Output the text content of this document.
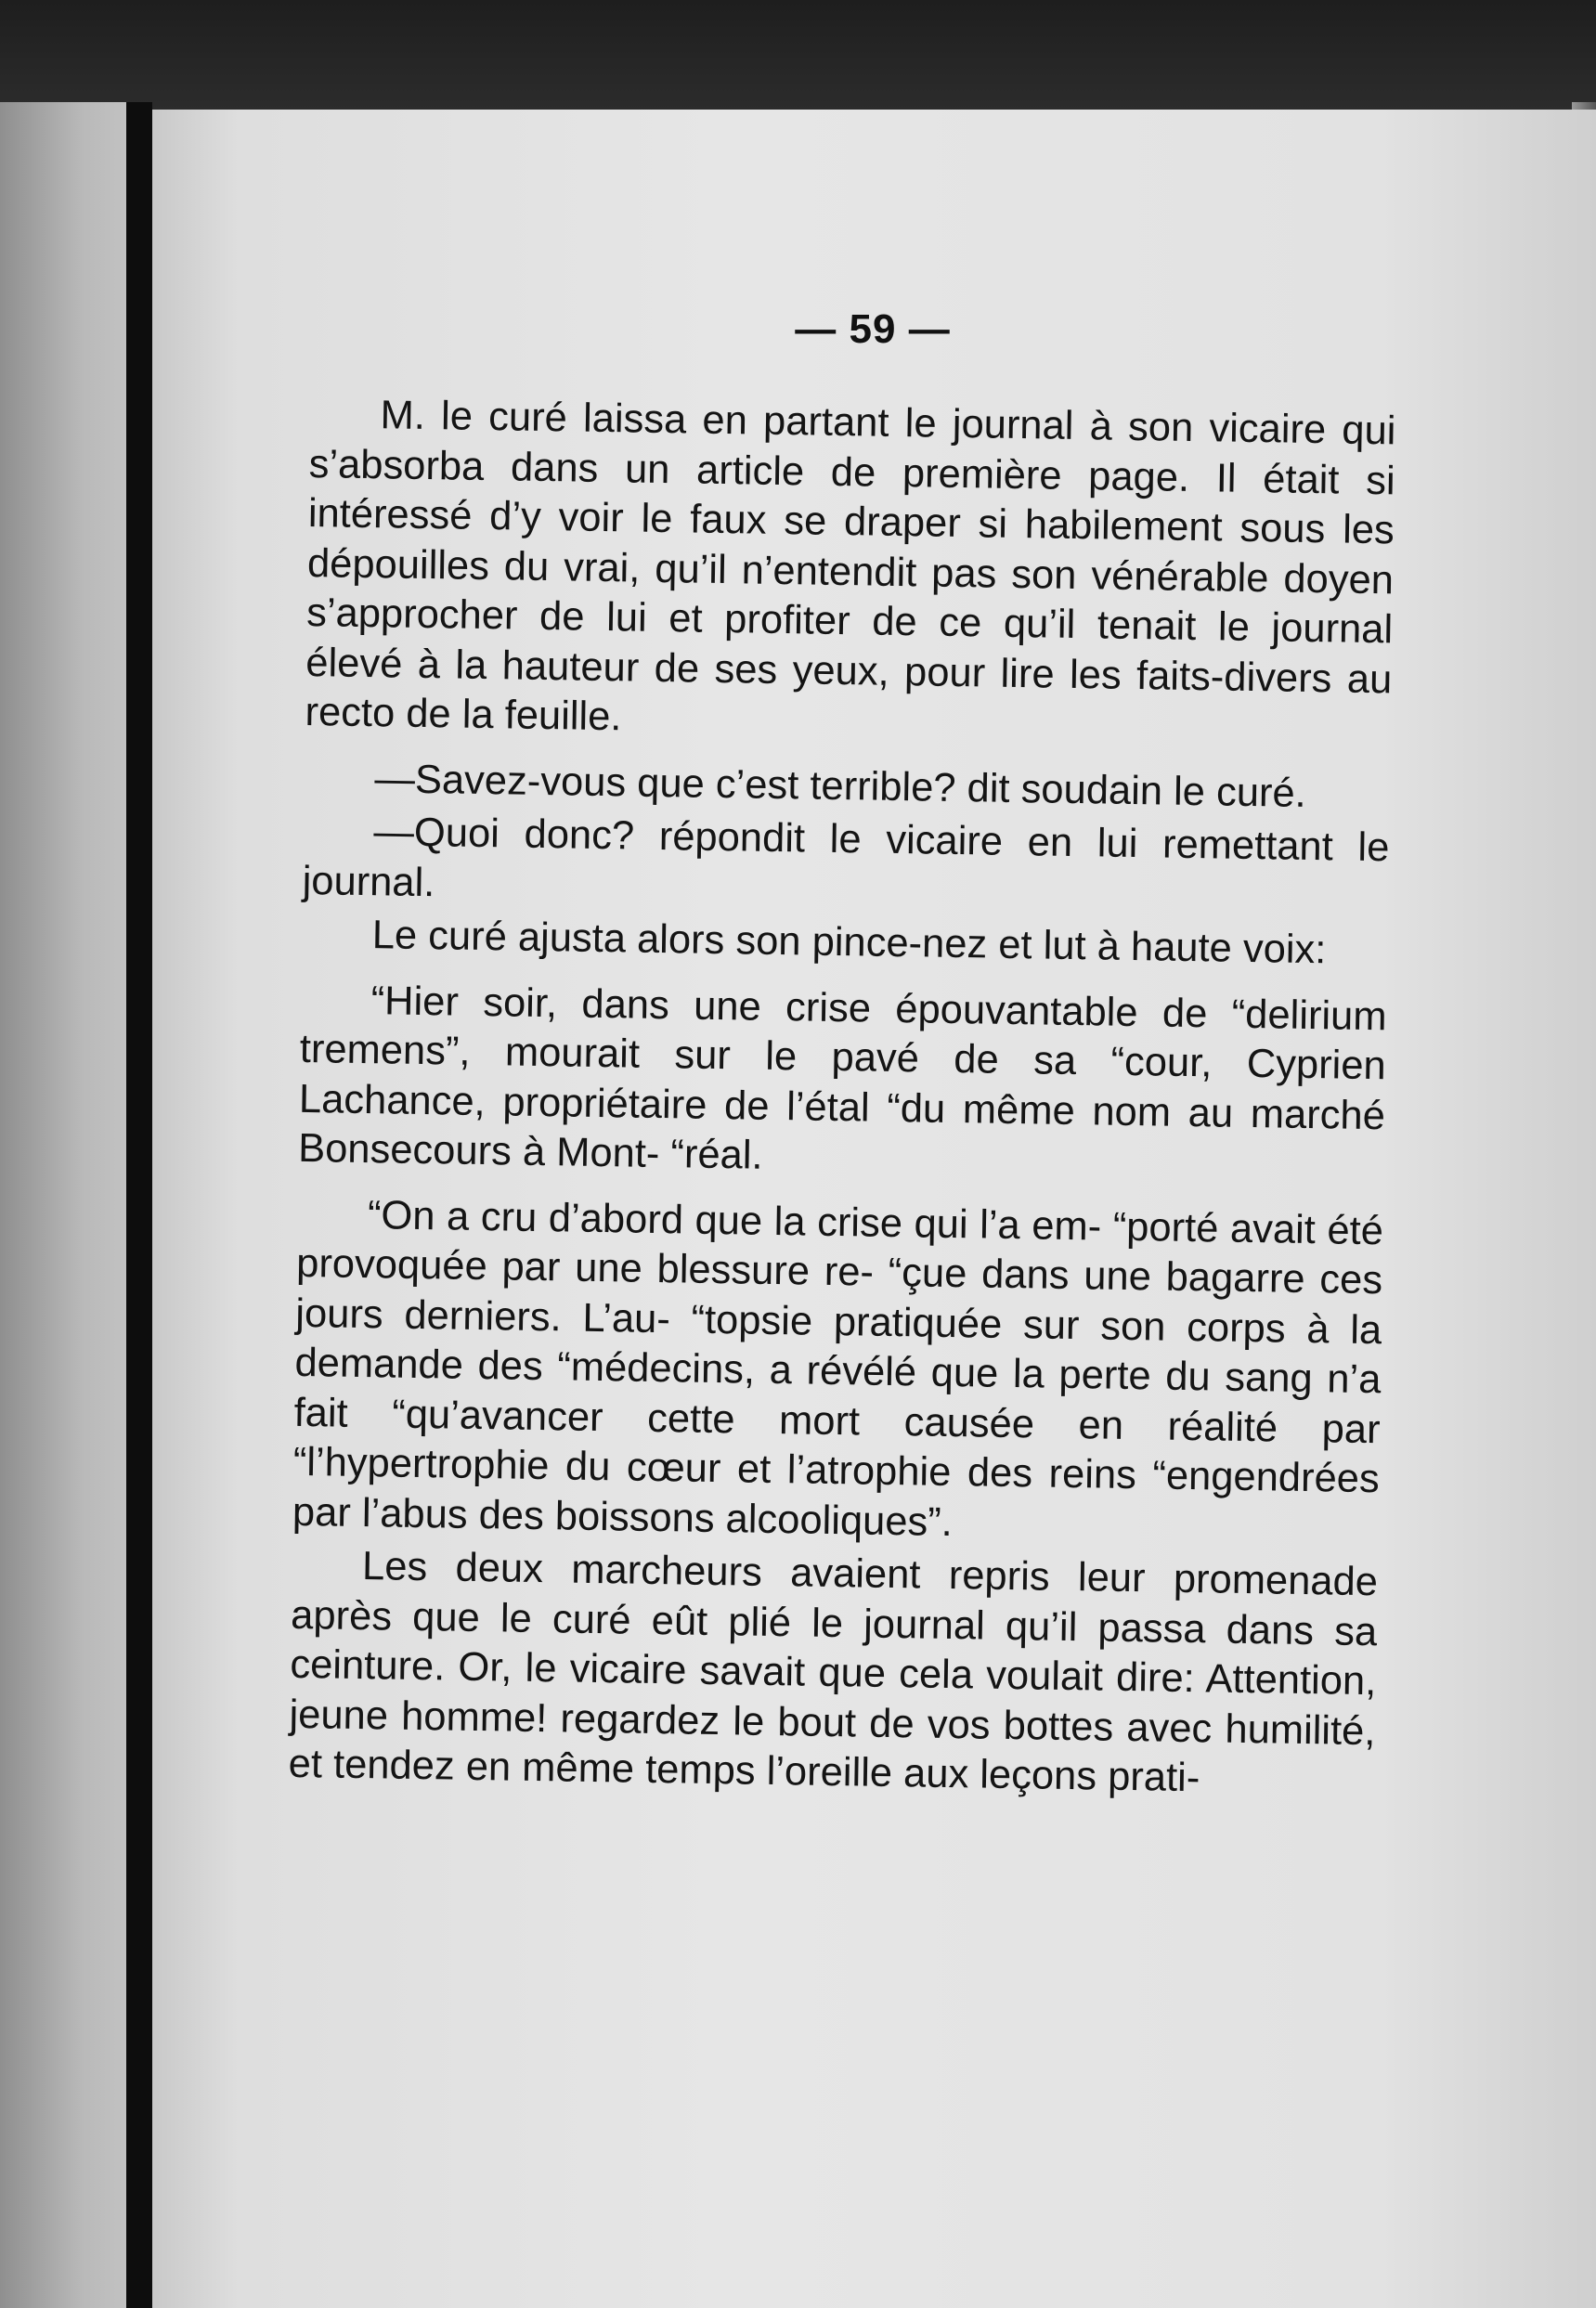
— 59 —

M. le curé laissa en partant le journal à son vicaire qui s’absorba dans un article de première page. Il était si intéressé d’y voir le faux se draper si habilement sous les dépouilles du vrai, qu’il n’entendit pas son vénérable doyen s’approcher de lui et profiter de ce qu’il tenait le journal élevé à la hauteur de ses yeux, pour lire les faits-divers au recto de la feuille.

—Savez-vous que c’est terrible? dit soudain le curé.

—Quoi donc? répondit le vicaire en lui remettant le journal.

Le curé ajusta alors son pince-nez et lut à haute voix:

“Hier soir, dans une crise épouvantable de “delirium tremens”, mourait sur le pavé de sa “cour, Cyprien Lachance, propriétaire de l’étal “du même nom au marché Bonsecours à Mont- “réal.

“On a cru d’abord que la crise qui l’a em- “porté avait été provoquée par une blessure re- “çue dans une bagarre ces jours derniers. L’au- “topsie pratiquée sur son corps à la demande des “médecins, a révélé que la perte du sang n’a fait “qu’avancer cette mort causée en réalité par “l’hypertrophie du cœur et l’atrophie des reins “engendrées par l’abus des boissons alcooliques”.

Les deux marcheurs avaient repris leur promenade après que le curé eût plié le journal qu’il passa dans sa ceinture. Or, le vicaire savait que cela voulait dire: Attention, jeune homme! regardez le bout de vos bottes avec humilité, et tendez en même temps l’oreille aux leçons prati-
